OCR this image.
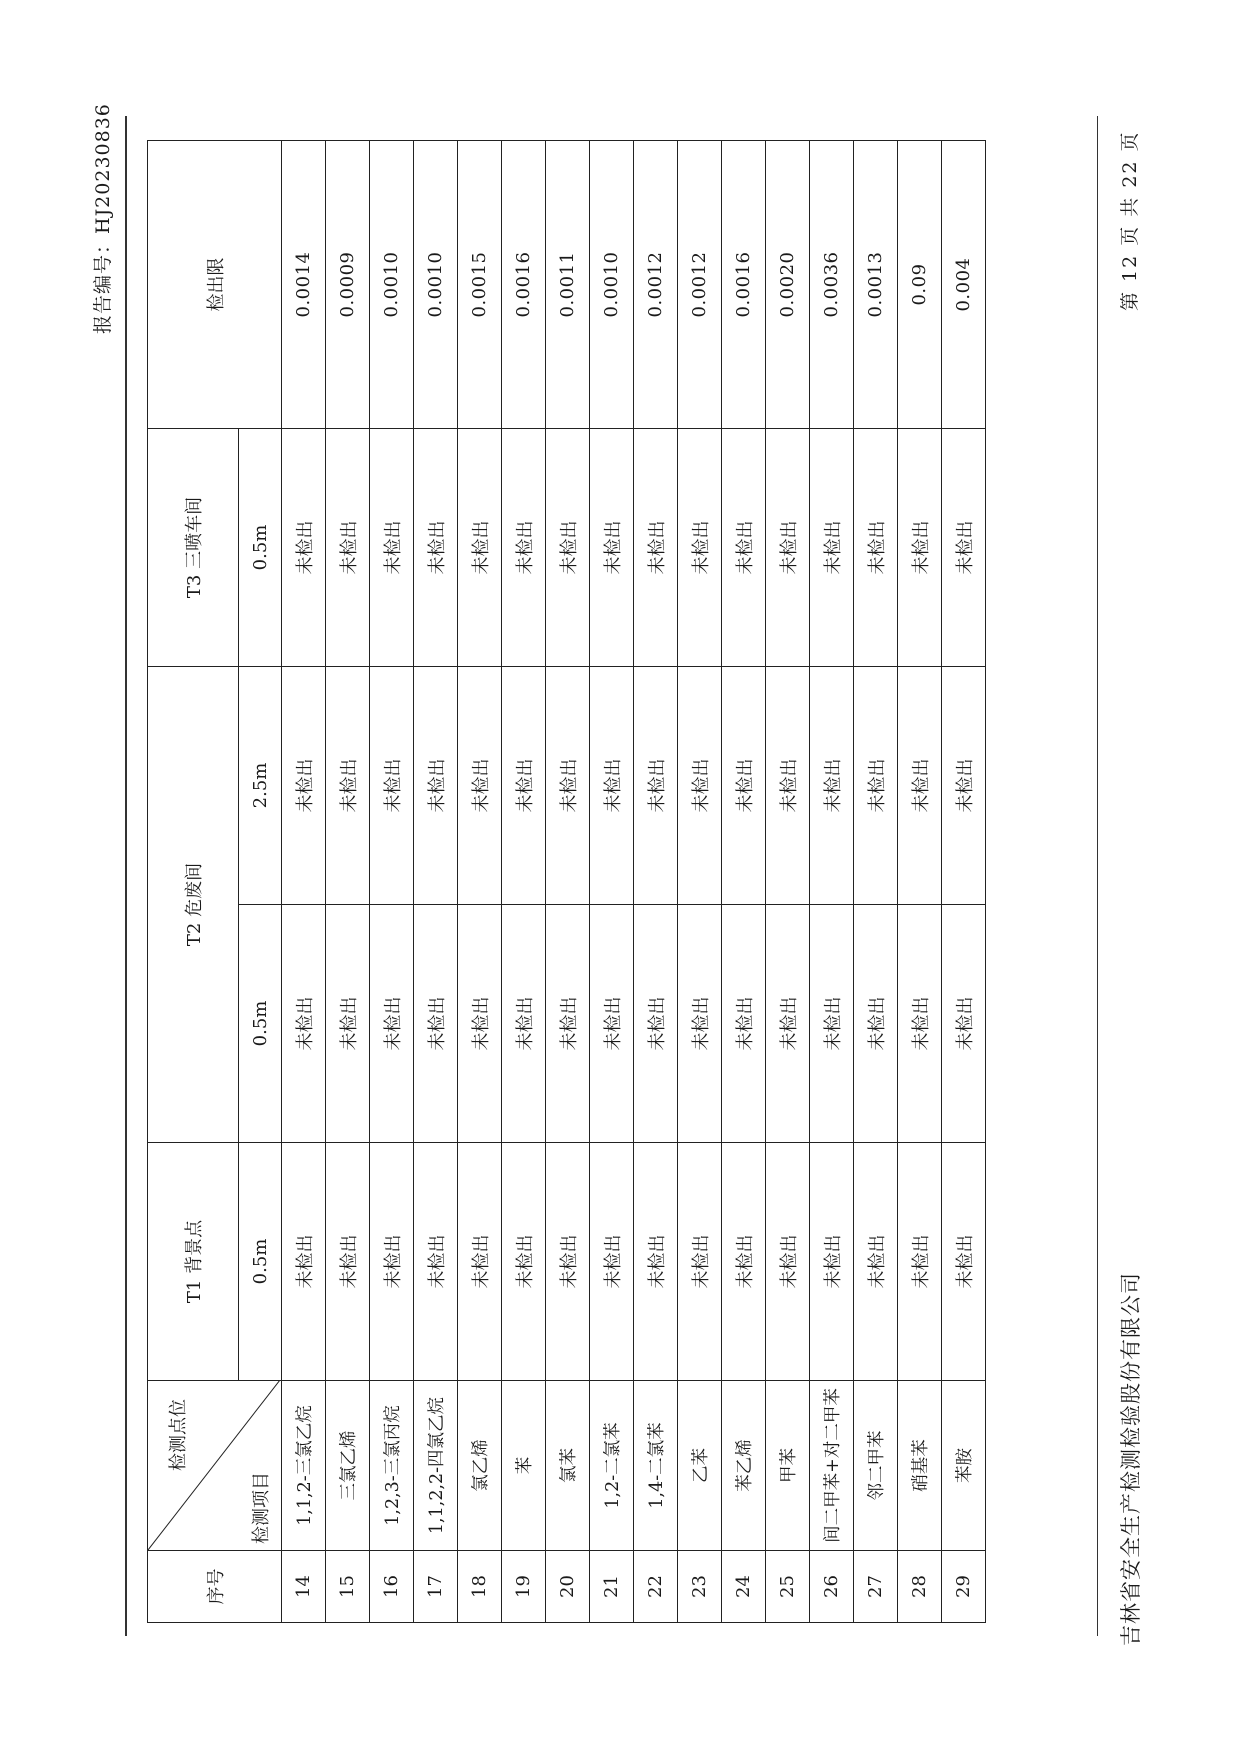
报告编号：HJ20230836
序号	检测点位
检测项目	T1 背景点	T2 危废间		T3 三喷车间	检出限
		0.5m	0.5m	2.5m	0.5m	
14	1,1,2-三氯乙烷	未检出	未检出	未检出	未检出	0.0014
15	三氯乙烯	未检出	未检出	未检出	未检出	0.0009
16	1,2,3-三氯丙烷	未检出	未检出	未检出	未检出	0.0010
17	1,1,2,2-四氯乙烷	未检出	未检出	未检出	未检出	0.0010
18	氯乙烯	未检出	未检出	未检出	未检出	0.0015
19	苯	未检出	未检出	未检出	未检出	0.0016
20	氯苯	未检出	未检出	未检出	未检出	0.0011
21	1,2-二氯苯	未检出	未检出	未检出	未检出	0.0010
22	1,4-二氯苯	未检出	未检出	未检出	未检出	0.0012
23	乙苯	未检出	未检出	未检出	未检出	0.0012
24	苯乙烯	未检出	未检出	未检出	未检出	0.0016
25	甲苯	未检出	未检出	未检出	未检出	0.0020
26	间二甲苯+对二甲苯	未检出	未检出	未检出	未检出	0.0036
27	邻二甲苯	未检出	未检出	未检出	未检出	0.0013
28	硝基苯	未检出	未检出	未检出	未检出	0.09
29	苯胺	未检出	未检出	未检出	未检出	0.004
吉林省安全生产检测检验股份有限公司
第 12 页 共 22 页
